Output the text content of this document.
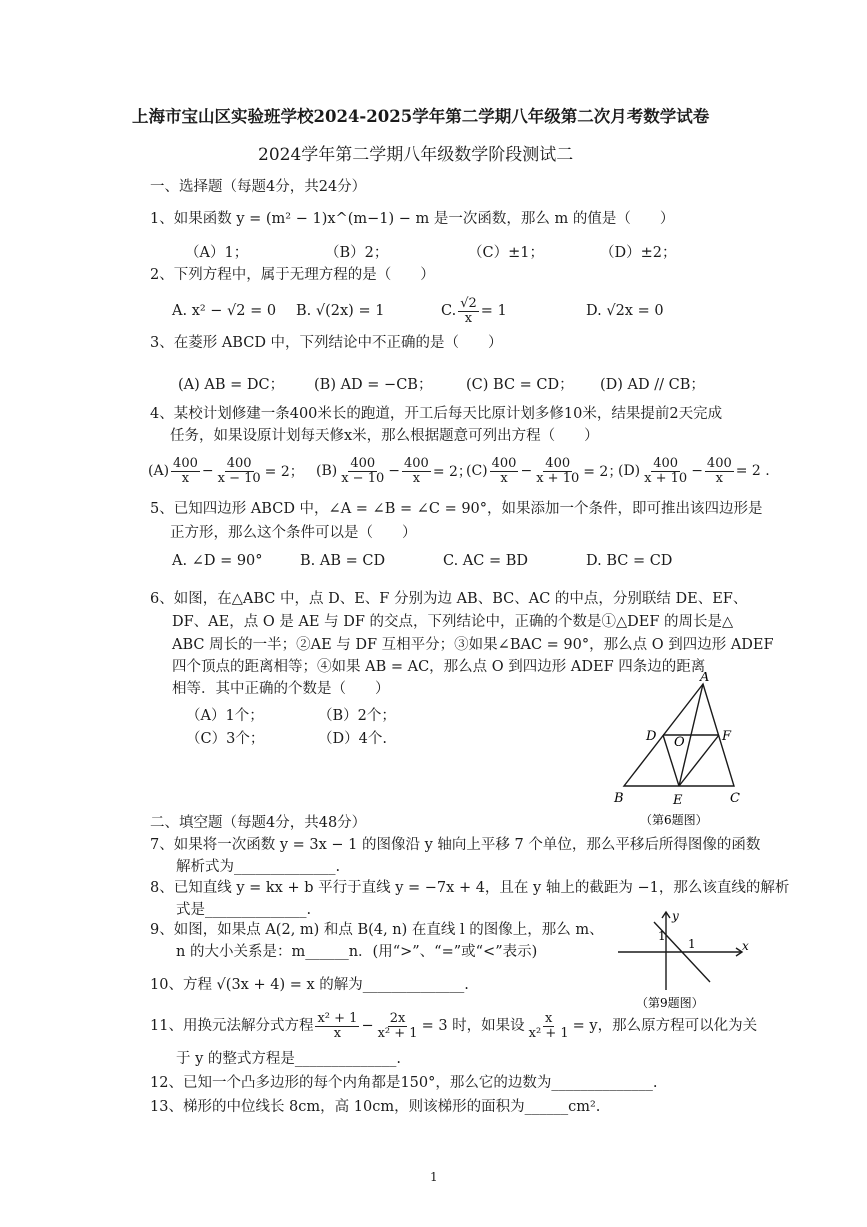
上海市宝山区实验班学校2024-2025学年第二学期八年级第二次月考数学试卷
2024学年第二学期八年级数学阶段测试二
一、选择题（每题4分，共24分）
1、如果函数 y = (m² − 1)x^(m−1) − m 是一次函数，那么 m 的值是（　　）
（A）1；	（B）2；	（C）±1；	（D）±2；
2、下列方程中，属于无理方程的是（　　）
A. x² − √2 = 0 B. √(2x) = 1	C. $\frac{√2}{x} = 1$	D. √2x = 0
3、在菱形 ABCD 中，下列结论中不正确的是（　　）
(A) AB = DC； (B) AD = −CB； (C) BC = CD； (D) AD // CB；
4、某校计划修建一条400米长的跑道，开工后每天比原计划多修10米，结果提前2天完成
任务，如果设原计划每天修x米，那么根据题意可列出方程（　　）
$(A) \frac{400}{x} - \frac{400}{x - 10} = 2$； $(B) \frac{400}{x - 10} - \frac{400}{x} = 2$；
$(C) \frac{400}{x} - \frac{400}{x + 10} = 2$；
$(D) \frac{400}{x + 10} - \frac{400}{x} = 2$ .
5、已知四边形 ABCD 中，∠A = ∠B = ∠C = 90°，如果添加一个条件，即可推出该四边形是
正方形，那么这个条件可以是（　　）
A. ∠D = 90°	B. AB = CD	C. AC = BD	D. BC = CD
6、如图，在△ABC 中，点 D、E、F 分别为边 AB、BC、AC 的中点，分别联结 DE、EF、
DF、AE，点 O 是 AE 与 DF 的交点，下列结论中，正确的个数是①△DEF 的周长是△
ABC 周长的一半；②AE 与 DF 互相平分；③如果∠BAC = 90°，那么点 O 到四边形 ADEF
四个顶点的距离相等；④如果 AB = AC，那么点 O 到四边形 ADEF 四条边的距离
相等．其中正确的个数是（　　）
（A）1个；	（B）2个；
（C）3个；	（D）4个.
A
D O	F
B	E	C
（第6题图）
二、填空题（每题4分，共48分）
7、如果将一次函数 y = 3x − 1 的图像沿 y 轴向上平移 7 个单位，那么平移后所得图像的函数
解析式为______________.
8、已知直线 y = kx + b 平行于直线 y = −7x + 4，且在 y 轴上的截距为 −1，那么该直线的解析
式是______________.
9、如图，如果点 A(2, m) 和点 B(4, n) 在直线 l 的图像上，那么 m、
n 的大小关系是：m______n．(用“>”、“=”或“<”表示)
y
x
1
1
（第9题图）
10、方程 √(3x + 4) = x 的解为______________.
11、用换元法解分式方程 $\frac{\text{x² + 1}}{x} - \frac{2x}{\text{x² + 1}} = 3$ 时，如果设 $\frac{x}{\text{x² + 1}} = y$，那么原方程可以化为关
于 y 的整式方程是______________.
12、已知一个凸多边形的每个内角都是150°，那么它的边数为______________.
13、梯形的中位线长 8cm，高 10cm，则该梯形的面积为______cm².
1
